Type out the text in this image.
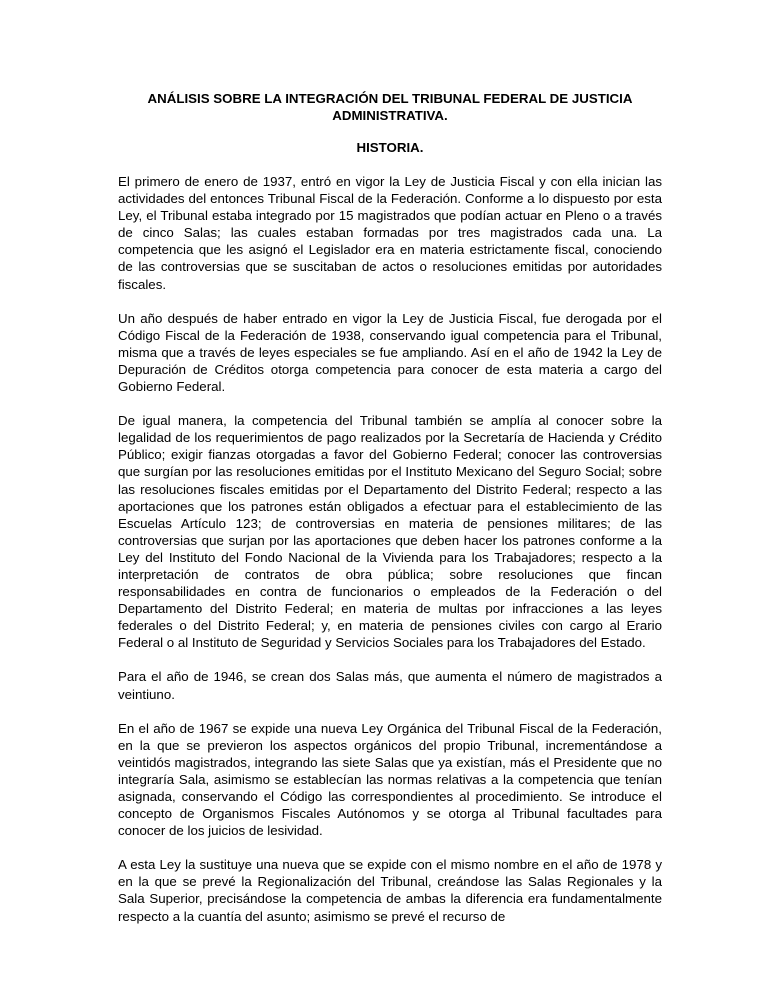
ANÁLISIS SOBRE LA INTEGRACIÓN DEL TRIBUNAL FEDERAL DE JUSTICIA
ADMINISTRATIVA.
HISTORIA.

El primero de enero de 1937, entró en vigor la Ley de Justicia Fiscal y con ella inician las actividades del entonces Tribunal Fiscal de la Federación. Conforme a lo dispuesto por esta Ley, el Tribunal estaba integrado por 15 magistrados que podían actuar en Pleno o a través de cinco Salas; las cuales estaban formadas por tres magistrados cada una. La competencia que les asignó el Legislador era en materia estrictamente fiscal, conociendo de las controversias que se suscitaban de actos o resoluciones emitidas por autoridades fiscales.

Un año después de haber entrado en vigor la Ley de Justicia Fiscal, fue derogada por el Código Fiscal de la Federación de 1938, conservando igual competencia para el Tribunal, misma que a través de leyes especiales se fue ampliando. Así en el año de 1942 la Ley de Depuración de Créditos otorga competencia para conocer de esta materia a cargo del Gobierno Federal.

De igual manera, la competencia del Tribunal también se amplía al conocer sobre la legalidad de los requerimientos de pago realizados por la Secretaría de Hacienda y Crédito Público; exigir fianzas otorgadas a favor del Gobierno Federal; conocer las controversias que surgían por las resoluciones emitidas por el Instituto Mexicano del Seguro Social; sobre las resoluciones fiscales emitidas por el Departamento del Distrito Federal; respecto a las aportaciones que los patrones están obligados a efectuar para el establecimiento de las Escuelas Artículo 123; de controversias en materia de pensiones militares; de las controversias que surjan por las aportaciones que deben hacer los patrones conforme a la Ley del Instituto del Fondo Nacional de la Vivienda para los Trabajadores; respecto a la interpretación de contratos de obra pública; sobre resoluciones que fincan responsabilidades en contra de funcionarios o empleados de la Federación o del Departamento del Distrito Federal; en materia de multas por infracciones a las leyes federales o del Distrito Federal; y, en materia de pensiones civiles con cargo al Erario Federal o al Instituto de Seguridad y Servicios Sociales para los Trabajadores del Estado.

Para el año de 1946, se crean dos Salas más, que aumenta el número de magistrados a veintiuno.

En el año de 1967 se expide una nueva Ley Orgánica del Tribunal Fiscal de la Federación, en la que se previeron los aspectos orgánicos del propio Tribunal, incrementándose a veintidós magistrados, integrando las siete Salas que ya existían, más el Presidente que no integraría Sala, asimismo se establecían las normas relativas a la competencia que tenían asignada, conservando el Código las correspondientes al procedimiento. Se introduce el concepto de Organismos Fiscales Autónomos y se otorga al Tribunal facultades para conocer de los juicios de lesividad.

A esta Ley la sustituye una nueva que se expide con el mismo nombre en el año de 1978 y en la que se prevé la Regionalización del Tribunal, creándose las Salas Regionales y la Sala Superior, precisándose la competencia de ambas la diferencia era fundamentalmente respecto a la cuantía del asunto; asimismo se prevé el recurso de
